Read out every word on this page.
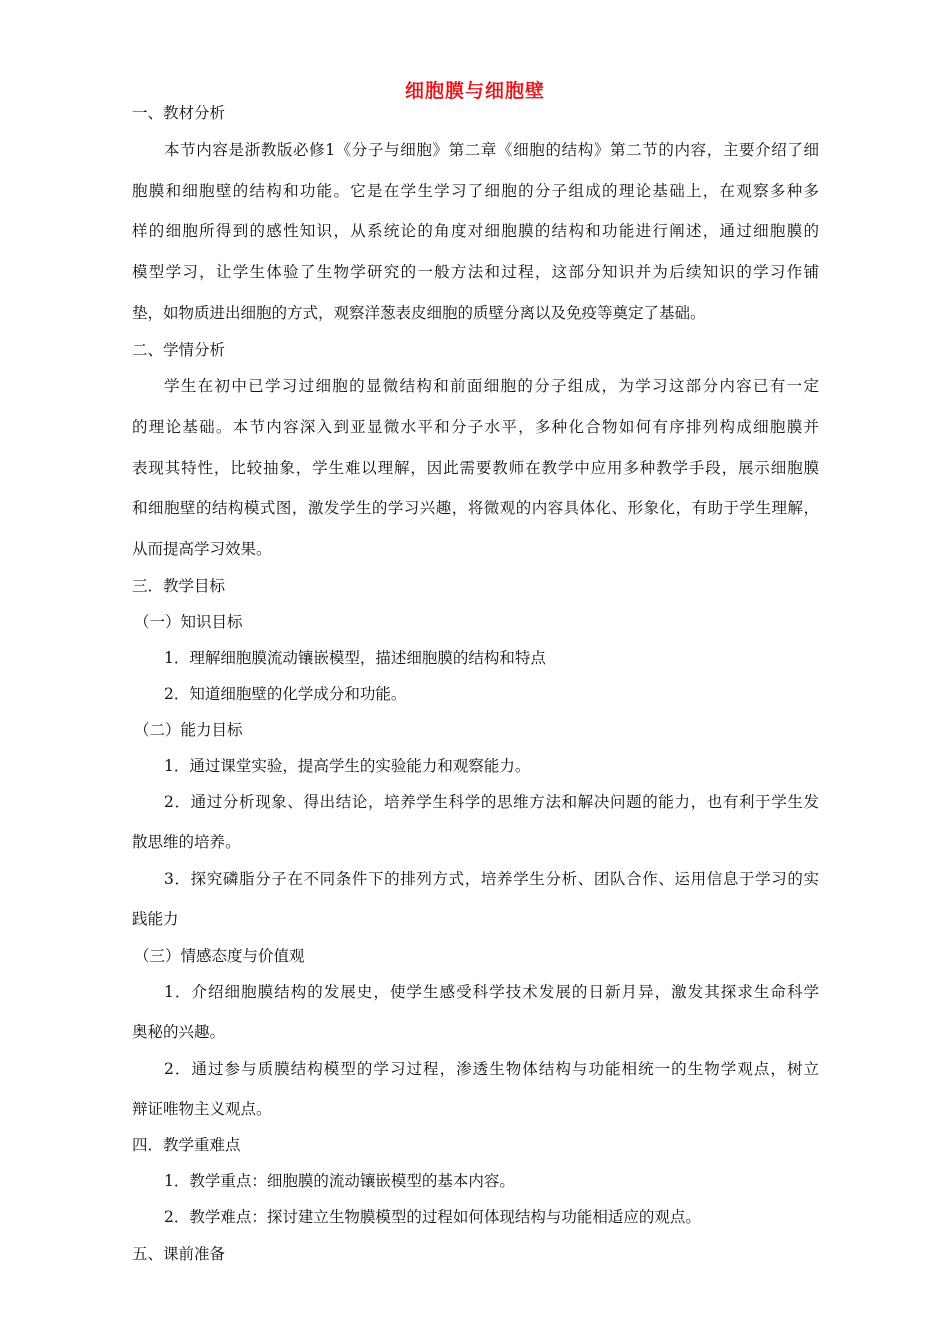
细胞膜与细胞壁
一、教材分析
本节内容是浙教版必修1《分子与细胞》第二章《细胞的结构》第二节的内容，主要介绍了细
胞膜和细胞壁的结构和功能。它是在学生学习了细胞的分子组成的理论基础上，在观察多种多
样的细胞所得到的感性知识，从系统论的角度对细胞膜的结构和功能进行阐述，通过细胞膜的
模型学习，让学生体验了生物学研究的一般方法和过程，这部分知识并为后续知识的学习作铺
垫，如物质进出细胞的方式，观察洋葱表皮细胞的质壁分离以及免疫等奠定了基础。
二、学情分析
学生在初中已学习过细胞的显微结构和前面细胞的分子组成，为学习这部分内容已有一定
的理论基础。本节内容深入到亚显微水平和分子水平，多种化合物如何有序排列构成细胞膜并
表现其特性，比较抽象，学生难以理解，因此需要教师在教学中应用多种教学手段，展示细胞膜
和细胞壁的结构模式图，激发学生的学习兴趣，将微观的内容具体化、形象化，有助于学生理解，
从而提高学习效果。
三．教学目标
（一）知识目标
1．理解细胞膜流动镶嵌模型，描述细胞膜的结构和特点
2．知道细胞壁的化学成分和功能。
（二）能力目标
1．通过课堂实验，提高学生的实验能力和观察能力。
2．通过分析现象、得出结论，培养学生科学的思维方法和解决问题的能力，也有利于学生发
散思维的培养。
3．探究磷脂分子在不同条件下的排列方式，培养学生分析、团队合作、运用信息于学习的实
践能力
（三）情感态度与价值观
1．介绍细胞膜结构的发展史，使学生感受科学技术发展的日新月异，激发其探求生命科学
奥秘的兴趣。
2．通过参与质膜结构模型的学习过程，渗透生物体结构与功能相统一的生物学观点，树立
辩证唯物主义观点。
四．教学重难点
1．教学重点：细胞膜的流动镶嵌模型的基本内容。
2．教学难点：探讨建立生物膜模型的过程如何体现结构与功能相适应的观点。
五、课前准备
